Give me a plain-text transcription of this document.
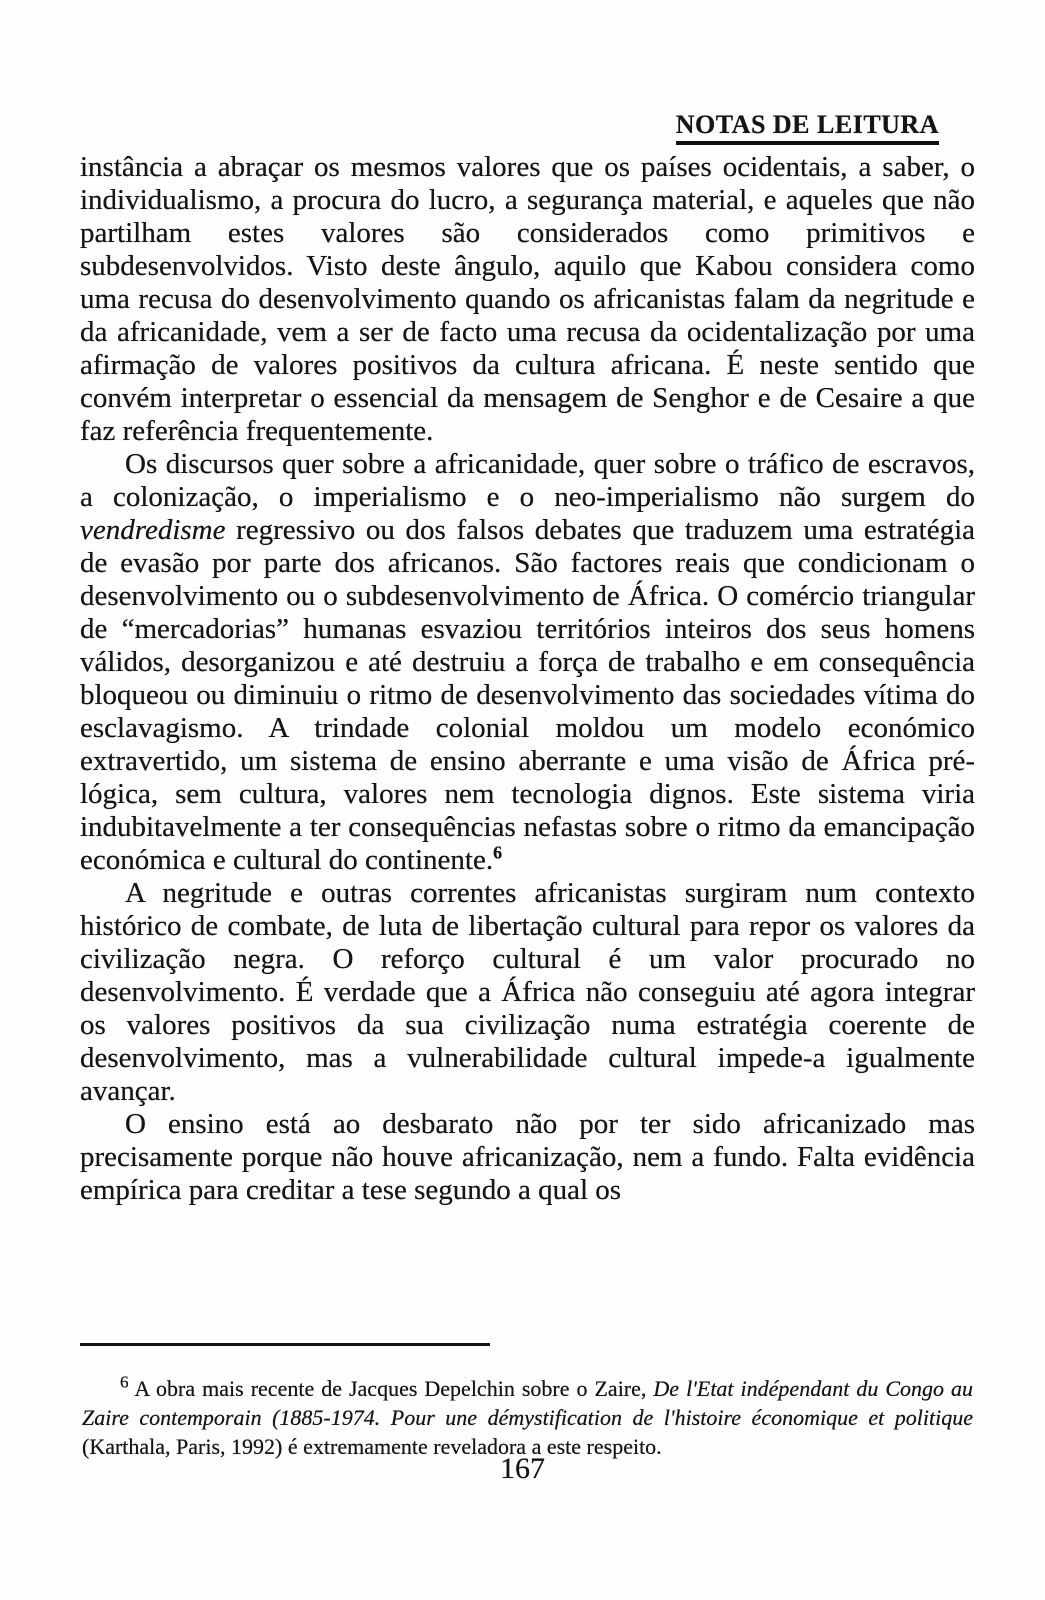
NOTAS DE LEITURA

instância a abraçar os mesmos valores que os países ocidentais, a saber, o individualismo, a procura do lucro, a segurança material, e aqueles que não partilham estes valores são considerados como primitivos e subdesenvolvidos. Visto deste ângulo, aquilo que Kabou considera como uma recusa do desenvolvimento quando os africanistas falam da negritude e da africanidade, vem a ser de facto uma recusa da ocidentalização por uma afirmação de valores positivos da cultura africana. É neste sentido que convém interpretar o essencial da mensagem de Senghor e de Cesaire a que faz referência frequentemente.

Os discursos quer sobre a africanidade, quer sobre o tráfico de escravos, a colonização, o imperialismo e o neo-imperialismo não surgem do vendredisme regressivo ou dos falsos debates que traduzem uma estratégia de evasão por parte dos africanos. São factores reais que condicionam o desenvolvimento ou o subdesenvolvimento de África. O comércio triangular de “mercadorias” humanas esvaziou territórios inteiros dos seus homens válidos, desorganizou e até destruiu a força de trabalho e em consequência bloqueou ou diminuiu o ritmo de desenvolvimento das sociedades vítima do esclavagismo. A trindade colonial moldou um modelo económico extravertido, um sistema de ensino aberrante e uma visão de África pré-lógica, sem cultura, valores nem tecnologia dignos. Este sistema viria indubitavelmente a ter consequências nefastas sobre o ritmo da emancipação económica e cultural do continente.$^6$

A negritude e outras correntes africanistas surgiram num contexto histórico de combate, de luta de libertação cultural para repor os valores da civilização negra. O reforço cultural é um valor procurado no desenvolvimento. É verdade que a África não conseguiu até agora integrar os valores positivos da sua civilização numa estratégia coerente de desenvolvimento, mas a vulnerabilidade cultural impede-a igualmente avançar.

O ensino está ao desbarato não por ter sido africanizado mas precisamente porque não houve africanização, nem a fundo. Falta evidência empírica para creditar a tese segundo a qual os

$^6$ A obra mais recente de Jacques Depelchin sobre o Zaire, De l'Etat indépendant du Congo au Zaire contemporain (1885-1974. Pour une démystification de l'histoire économique et politique (Karthala, Paris, 1992) é extremamente reveladora a este respeito.
167
